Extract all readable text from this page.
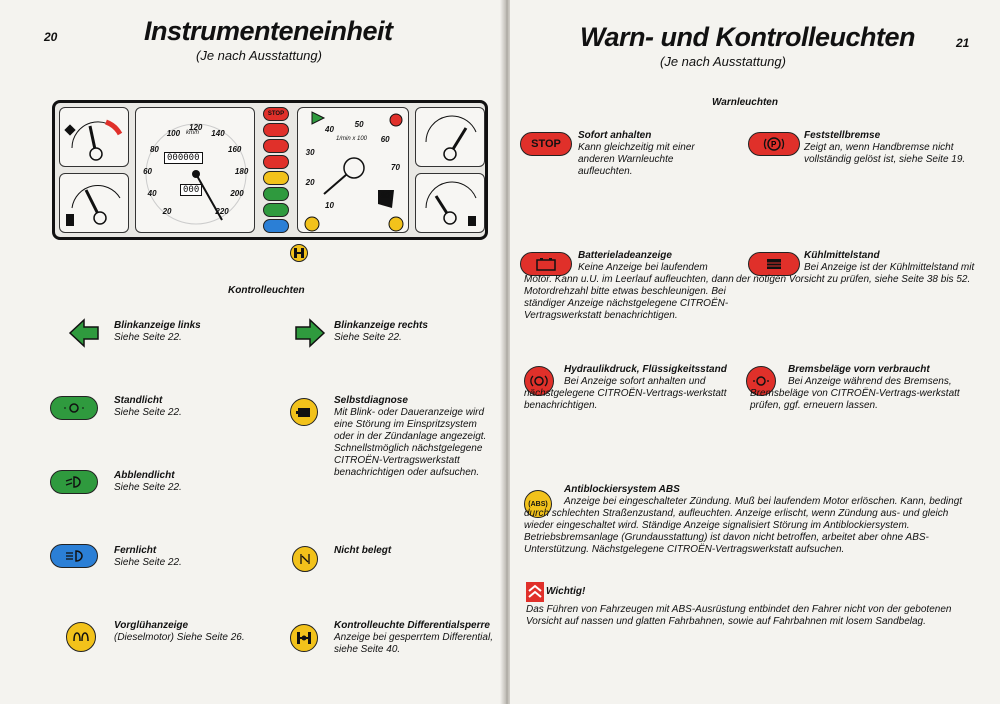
20	Instrumenteneinheit
(Je nach Ausstattung)
000000
000
km/h
20
40
60
80
100
120
140
160
180
200
220
STOP
1/min x 100
10
20
30
40
50
60
70
80
Kontrolleuchten
Blinkanzeige links
Siehe Seite 22.
Blinkanzeige rechts
Siehe Seite 22.
Standlicht
Siehe Seite 22.
Selbstdiagnose
Mit Blink- oder Daueranzeige wird eine Störung im Einspritzsystem oder in der Zündanlage angezeigt. Schnellstmöglich nächstgelegene CITROËN-Vertragswerkstatt benachrichtigen oder aufsuchen.
Abblendlicht
Siehe Seite 22.
Fernlicht
Siehe Seite 22.
Nicht belegt
Vorglühanzeige
(Dieselmotor) Siehe Seite 26.
Kontrolleuchte Differentialsperre
Anzeige bei gesperrtem Differential, siehe Seite 40.
Warn- und Kontrolleuchten	21
(Je nach Ausstattung)
Warnleuchten
STOP
Sofort anhalten
Kann gleichzeitig mit einer anderen Warnleuchte aufleuchten.
P
Feststellbremse
Zeigt an, wenn Handbremse nicht vollständig gelöst ist, siehe Seite 19.
Batterieladeanzeige
Keine Anzeige bei laufendem Motor. Kann u.U. im Leerlauf aufleuchten, dann Motordrehzahl bitte etwas beschleunigen. Bei ständiger Anzeige nächstgelegene CITROËN-Vertragswerkstatt benachrichtigen.
Kühlmittelstand
Bei Anzeige ist der Kühlmittelstand mit der nötigen Vorsicht zu prüfen, siehe Seite 38 bis 52.
Hydraulikdruck, Flüssigkeitsstand
Bei Anzeige sofort anhalten und nächstgelegene CITROËN-Vertrags-werkstatt benachrichtigen.
Bremsbeläge vorn verbraucht
Bei Anzeige während des Bremsens, Bremsbeläge von CITROËN-Vertrags-werkstatt prüfen, ggf. erneuern lassen.
(ABS)
Antiblockiersystem ABS
Anzeige bei eingeschalteter Zündung. Muß bei laufendem Motor erlöschen. Kann, bedingt durch schlechten Straßenzustand, aufleuchten. Anzeige erlischt, wenn Zündung aus- und gleich wieder eingeschaltet wird. Ständige Anzeige signalisiert Störung im Antiblockiersystem. Betriebsbremsanlage (Grundausstattung) ist davon nicht betroffen, arbeitet aber ohne ABS-Unterstützung. Nächstgelegene CITROËN-Vertragswerkstatt aufsuchen.
Wichtig!
Das Führen von Fahrzeugen mit ABS-Ausrüstung entbindet den Fahrer nicht von der gebotenen Vorsicht auf nassen und glatten Fahrbahnen, sowie auf Fahrbahnen mit losem Sandbelag.
